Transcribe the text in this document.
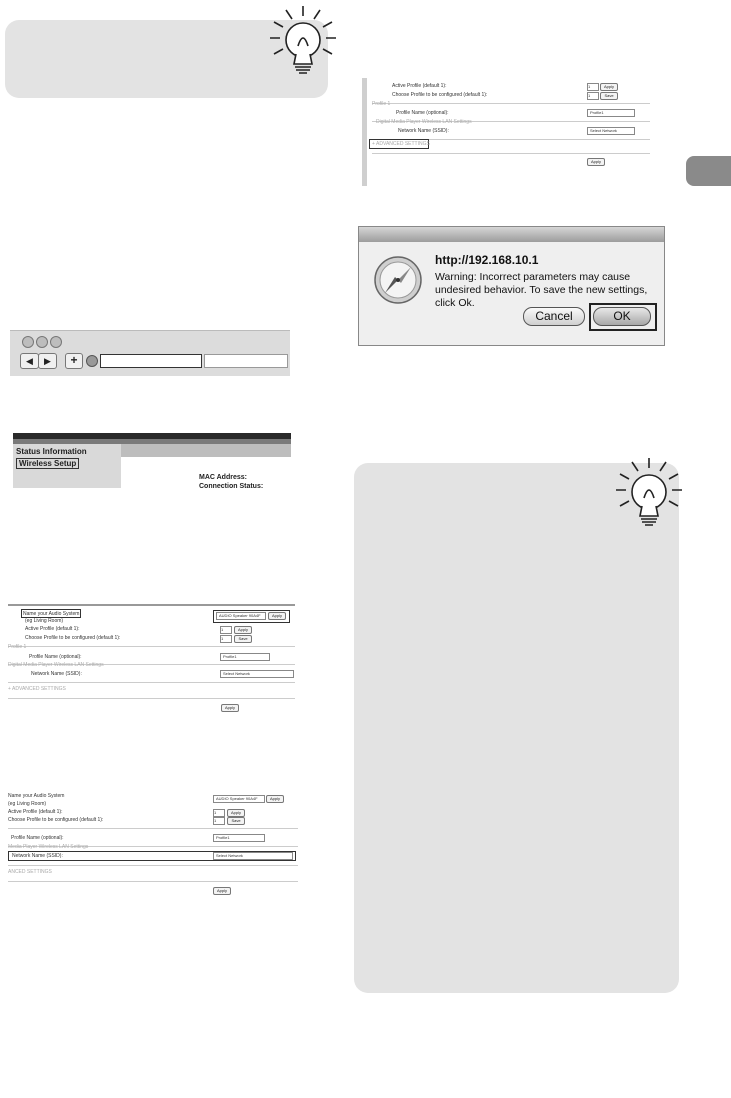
◀	▶	+
Status Information
Wireless Setup
MAC Address:
Connection Status:
Name your Audio System
(eg Living Room)
AUDIO Speaker 90A4F	Apply
Active Profile (default 1):	1	Apply
Choose Profile to be configured (default 1):	1	Save
Profile 1
Profile Name (optional):	Profile1
Digital Media Player Wireless LAN Settings
Network Name (SSID):	Select Network
+ ADVANCED SETTINGS
Apply
Name your Audio System
(eg Living Room)
AUDIO Speaker 90A4F	Apply
Active Profile (default 1):	1	Apply
Choose Profile to be configured (default 1):	1	Save
Profile Name (optional):	Profile1
Media Player Wireless LAN Settings
Network Name (SSID):	Select Network
ANCED SETTINGS
Apply
Active Profile (default 1):	1	Apply
Choose Profile to be configured (default 1):	1	Save
Profile 1
Profile Name (optional):	Profile1
Digital Media Player Wireless LAN Settings
Network Name (SSID):	Select Network
+ ADVANCED SETTINGS
Apply
http://192.168.10.1
Warning: Incorrect parameters may cause undesired behavior. To save the new settings, click Ok.
Cancel	OK
